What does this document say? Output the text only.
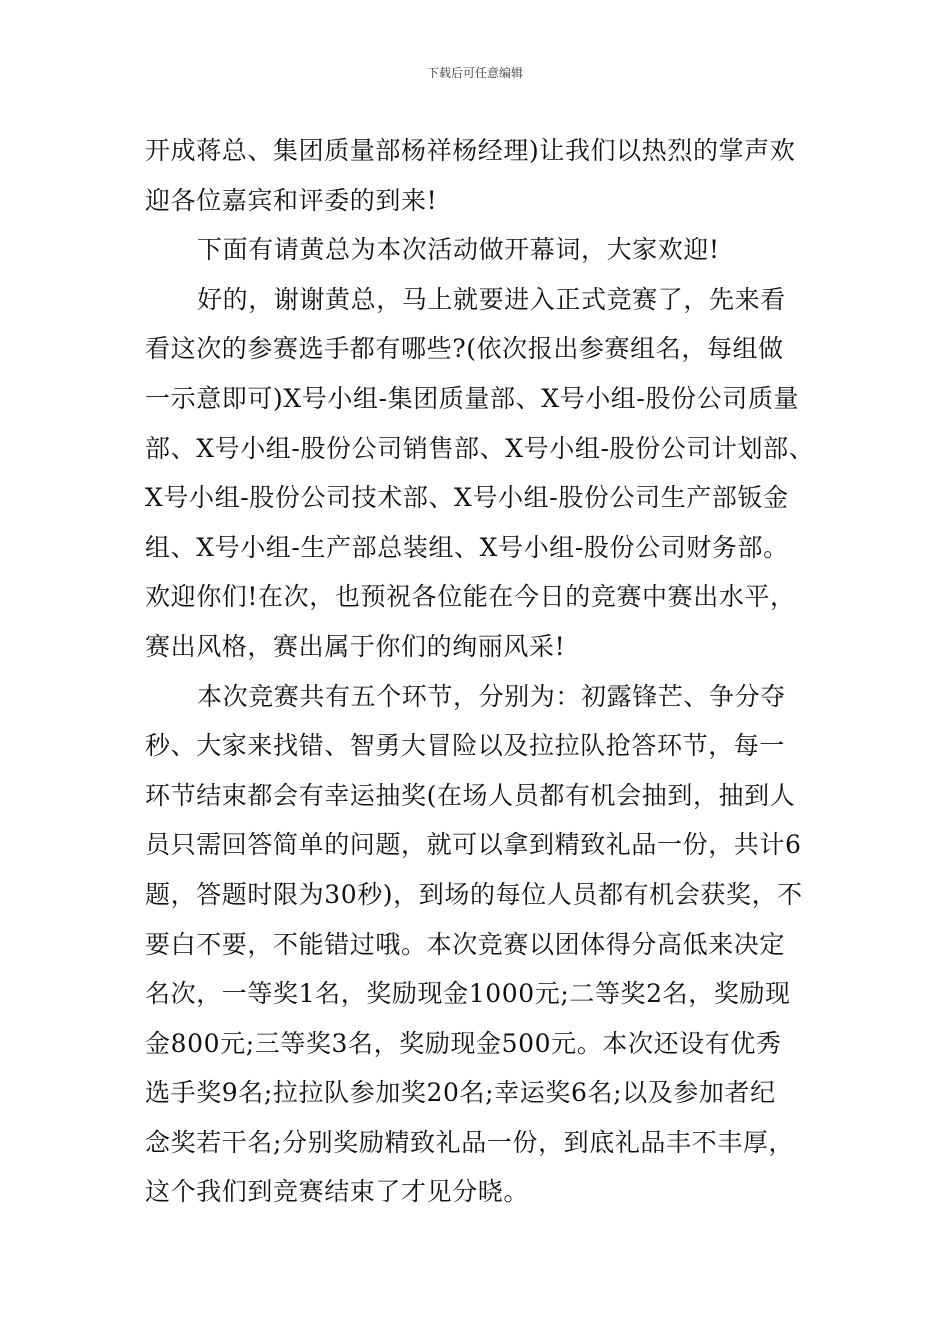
下载后可任意编辑

开成蒋总、集团质量部杨祥杨经理)让我们以热烈的掌声欢
迎各位嘉宾和评委的到来!

下面有请黄总为本次活动做开幕词，大家欢迎!

好的，谢谢黄总，马上就要进入正式竞赛了，先来看
看这次的参赛选手都有哪些?(依次报出参赛组名，每组做
一示意即可)X号小组-集团质量部、X号小组-股份公司质量
部、X号小组-股份公司销售部、X号小组-股份公司计划部、
X号小组-股份公司技术部、X号小组-股份公司生产部钣金
组、X号小组-生产部总装组、X号小组-股份公司财务部。
欢迎你们!在次，也预祝各位能在今日的竞赛中赛出水平，
赛出风格，赛出属于你们的绚丽风采!

本次竞赛共有五个环节，分别为：初露锋芒、争分夺
秒、大家来找错、智勇大冒险以及拉拉队抢答环节，每一
环节结束都会有幸运抽奖(在场人员都有机会抽到，抽到人
员只需回答简单的问题，就可以拿到精致礼品一份，共计6
题，答题时限为30秒)，到场的每位人员都有机会获奖，不
要白不要，不能错过哦。本次竞赛以团体得分高低来决定
名次，一等奖1名，奖励现金1000元;二等奖2名，奖励现
金800元;三等奖3名，奖励现金500元。本次还设有优秀
选手奖9名;拉拉队参加奖20名;幸运奖6名;以及参加者纪
念奖若干名;分别奖励精致礼品一份，到底礼品丰不丰厚，
这个我们到竞赛结束了才见分晓。
